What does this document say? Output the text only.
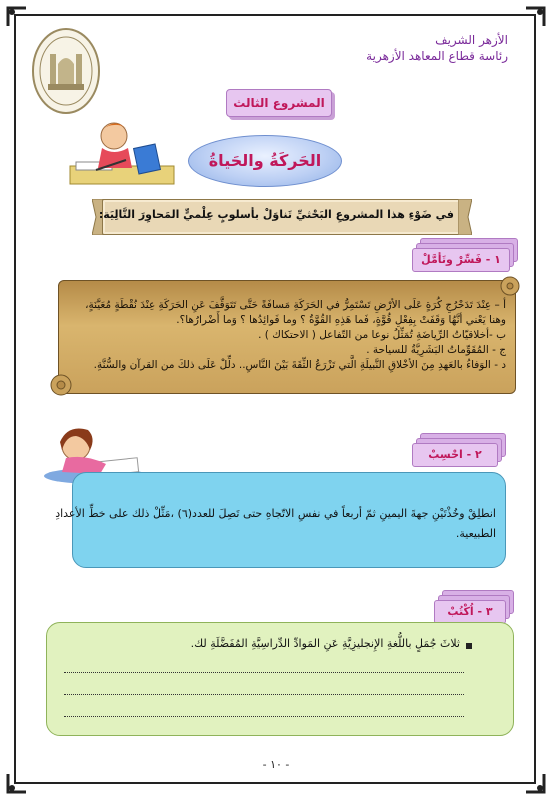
الأزهر الشريف
رئاسة قطاع المعاهد الأزهرية
المشروع الثالث
الحَركَةُ والحَياةُ
في ضَوْءِ هذا المشروعِ البَحْثيِّ تَناوَلْ بأسلوبٍ عِلْميٍّ المَحاوِرَ التَّالِيَة:
١ - فَسِّرْ وتَأمَّلْ
أ – عِنْدَ تَدَحْرُجِ كُرَةٍ عَلَى الأرْضِ تَسْتَمِرُّ في الحَرَكَةِ مَسافَةً حَتَّى تَتَوَقَّفَ عَنِ الحَرَكَةِ عِنْدَ نُقْطَةٍ مُعَيَّنَةٍ،
وهنا يَعْني أنَّهُا وَقَفَتْ بِفِعْلِ قُوَّةٍ، فَما هَذِهِ القُوَّةُ ؟ وما فَوائِدُها ؟ وَما أَضْرارُها؟.
ب -أخلاقيّاتُ الرِّياضَةِ تُمَثِّلُ نوعا من التّفاعل ( الاحتكاك ) .
ج - المُقَوِّماتُ البَشَرِيَّةُ للسياحة .
د - الوَفاءُ بالعَهدِ مِنَ الأخْلاقِ النَّبيلَةِ الَّتي تَزْرَعُ الثِّقَةَ بَيْنَ النَّاسِ.. دلِّلْ عَلَى ذلكَ من القرآن والسُّنَّةِ.
٢ - احْسِبْ
انطلِقْ وخُذْتَيْنِ جهةَ اليمينِ ثمّ أربعاً في نفسِ الاتّجاهِ حتى تَصِلَ للعدد(٦) ،مَثِّلْ ذلك على خطِّ الأعدادِ
الطبيعية.
٣ - اُكْتُبْ
ثلاثَ جُمَلٍ باللُّغةِ الإِنجليزِيَّةِ عَنِ المَوادِّ الدِّراسِيَّةِ المُفَضَّلَةِ لك.
- ١٠ -
